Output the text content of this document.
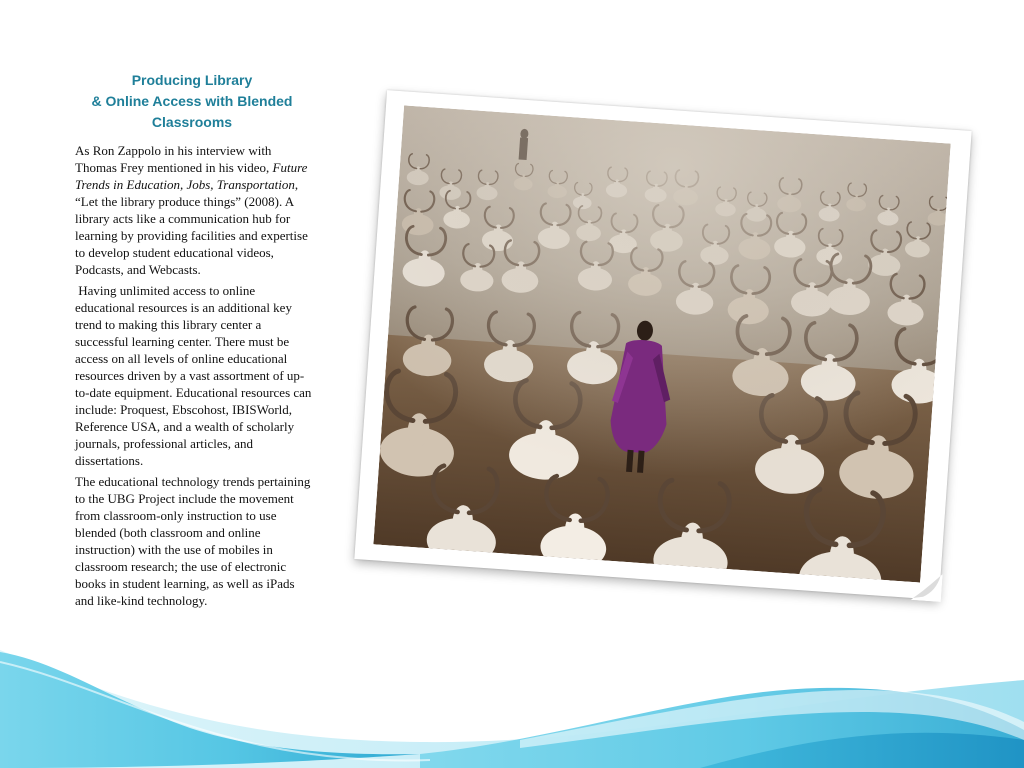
Producing Library
& Online Access with Blended
Classrooms

As Ron Zappolo in his interview with Thomas Frey mentioned in his video, Future Trends in Education, Jobs, Transportation, “Let the library produce things” (2008). A library acts like a communication hub for learning by providing facilities and expertise to develop student educational videos, Podcasts, and Webcasts.

Having unlimited access to online educational resources is an additional key trend to making this library center a successful learning center. There must be access on all levels of online educational resources driven by a vast assortment of up-to-date equipment. Educational resources can include: Proquest, Ebscohost, IBISWorld, Reference USA, and a wealth of scholarly journals, professional articles, and dissertations.

The educational technology trends pertaining to the UBG Project include the movement from classroom-only instruction to use blended (both classroom and online instruction) with the use of mobiles in classroom research; the use of electronic books in student learning, as well as iPads and like-kind technology.
